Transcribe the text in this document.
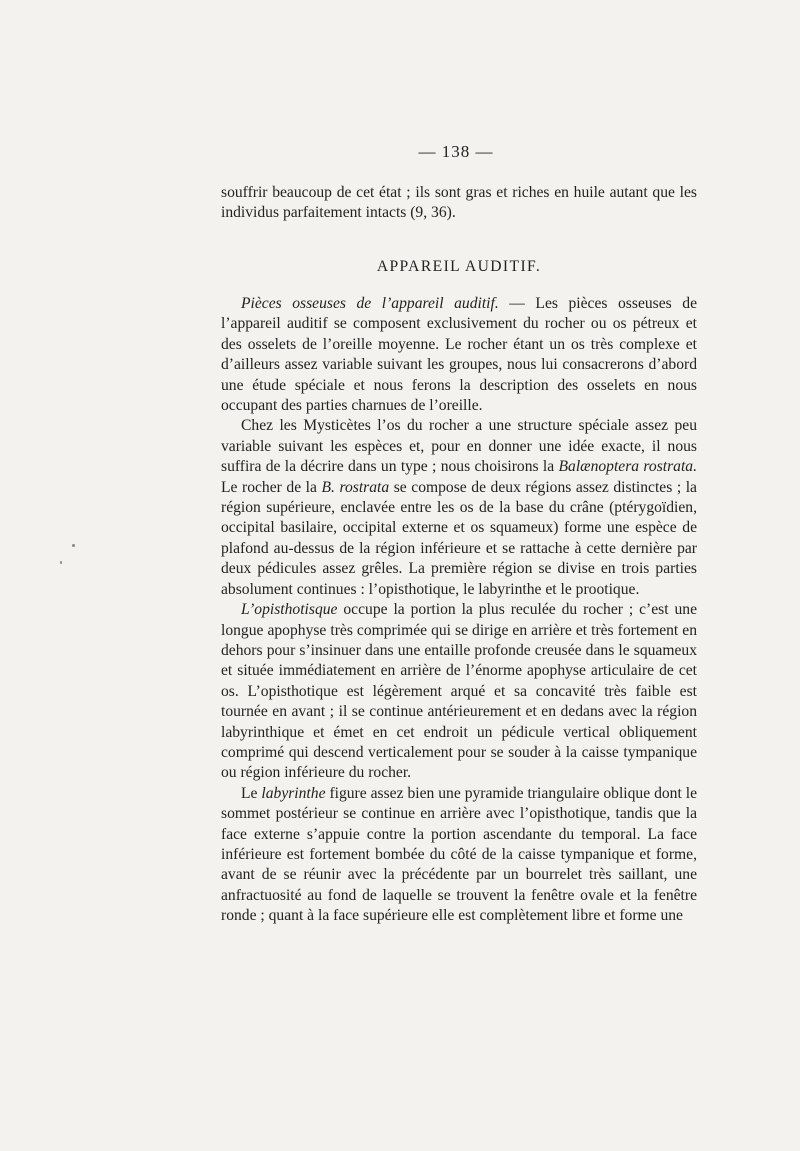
— 138 —

souffrir beaucoup de cet état ; ils sont gras et riches en huile autant que les individus parfaitement intacts (9, 36).

APPAREIL AUDITIF.

Pièces osseuses de l’appareil auditif. — Les pièces osseuses de l’appareil auditif se composent exclusivement du rocher ou os pétreux et des osselets de l’oreille moyenne. Le rocher étant un os très complexe et d’ailleurs assez variable suivant les groupes, nous lui consacrerons d’abord une étude spéciale et nous ferons la description des osselets en nous occupant des parties charnues de l’oreille.

Chez les Mysticètes l’os du rocher a une structure spéciale assez peu variable suivant les espèces et, pour en donner une idée exacte, il nous suffira de la décrire dans un type ; nous choisirons la Balænoptera rostrata. Le rocher de la B. rostrata se compose de deux régions assez distinctes ; la région supérieure, enclavée entre les os de la base du crâne (ptérygoïdien, occipital basilaire, occipital externe et os squameux) forme une espèce de plafond au-dessus de la région inférieure et se rattache à cette dernière par deux pédicules assez grêles. La première région se divise en trois parties absolument continues : l’opisthotique, le labyrinthe et le prootique.

L’opisthotisque occupe la portion la plus reculée du rocher ; c’est une longue apophyse très comprimée qui se dirige en arrière et très fortement en dehors pour s’insinuer dans une entaille profonde creusée dans le squameux et située immédiatement en arrière de l’énorme apophyse articulaire de cet os. L’opisthotique est légèrement arqué et sa concavité très faible est tournée en avant ; il se continue antérieurement et en dedans avec la région labyrinthique et émet en cet endroit un pédicule vertical obliquement comprimé qui descend verticalement pour se souder à la caisse tympanique ou région inférieure du rocher.

Le labyrinthe figure assez bien une pyramide triangulaire oblique dont le sommet postérieur se continue en arrière avec l’opisthotique, tandis que la face externe s’appuie contre la portion ascendante du temporal. La face inférieure est fortement bombée du côté de la caisse tympanique et forme, avant de se réunir avec la précédente par un bourrelet très saillant, une anfractuosité au fond de laquelle se trouvent la fenêtre ovale et la fenêtre ronde ; quant à la face supérieure elle est complètement libre et forme une
